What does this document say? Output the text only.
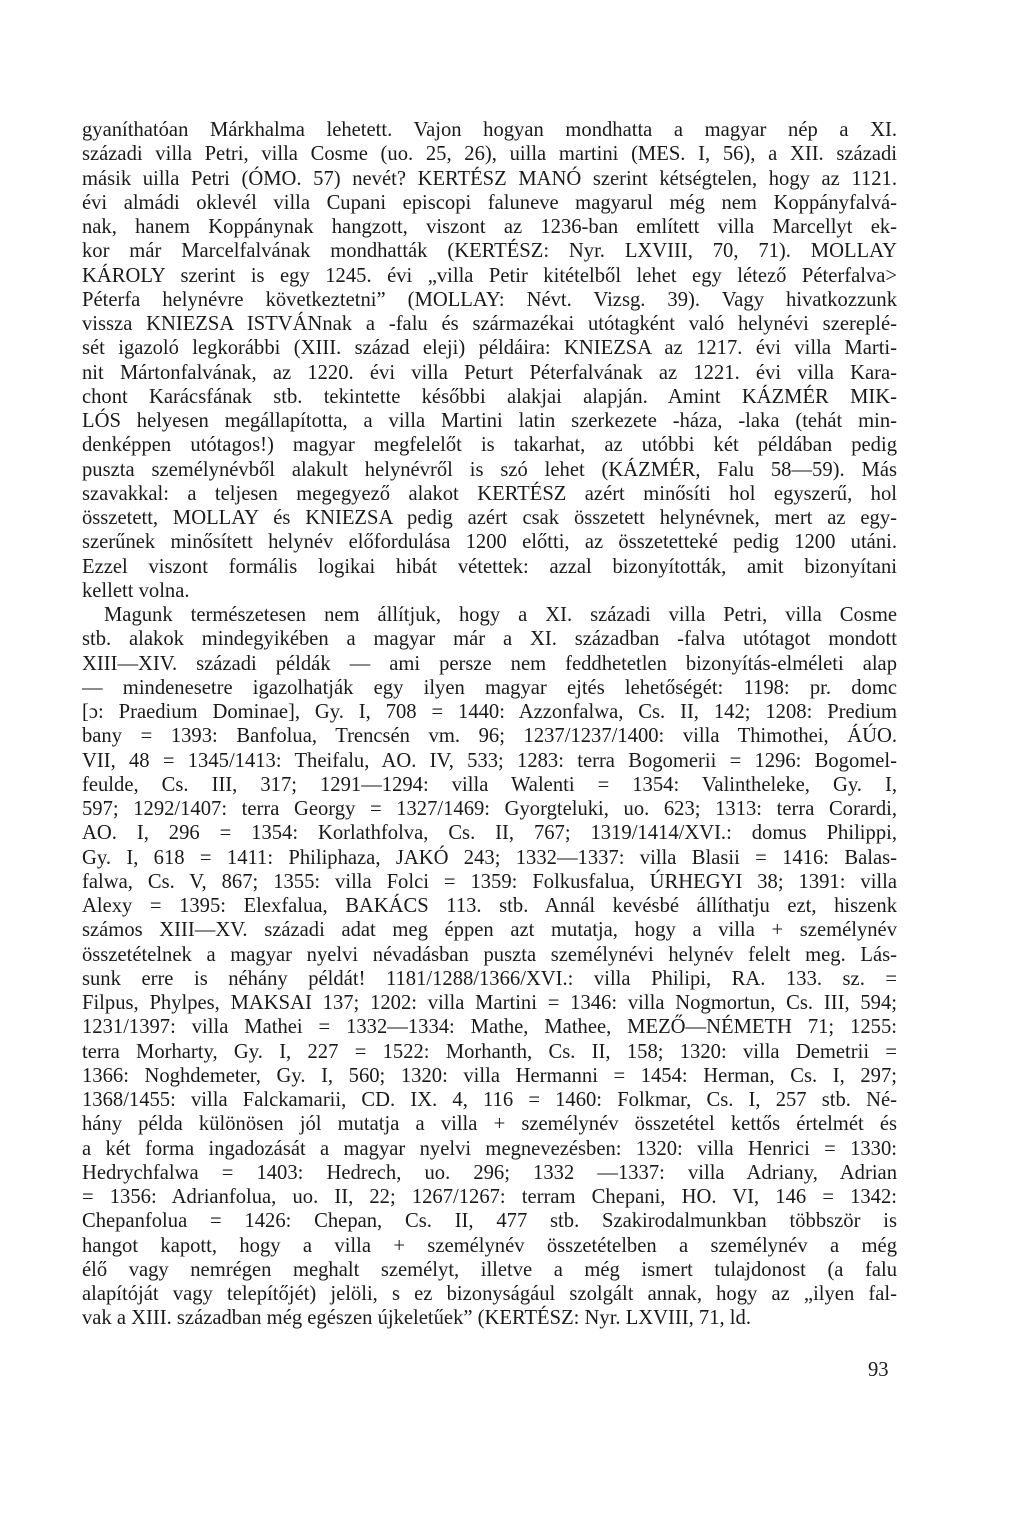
gyaníthatóan Márkhalma lehetett. Vajon hogyan mondhatta a magyar nép a XI.
századi villa Petri, villa Cosme (uo. 25, 26), uilla martini (MES. I, 56), a XII. századi
másik uilla Petri (ÓMO. 57) nevét? KERTÉSZ MANÓ szerint kétségtelen, hogy az 1121.
évi almádi oklevél villa Cupani episcopi faluneve magyarul még nem Koppányfalvá-
nak, hanem Koppánynak hangzott, viszont az 1236-ban említett villa Marcellyt ek-
kor már Marcelfalvának mondhatták (KERTÉSZ: Nyr. LXVIII, 70, 71). MOLLAY
KÁROLY szerint is egy 1245. évi „villa Petir kitételből lehet egy létező Péterfalva>
Péterfa helynévre következtetni” (MOLLAY: Névt. Vizsg. 39). Vagy hivatkozzunk
vissza KNIEZSA ISTVÁNnak a -falu és származékai utótagként való helynévi szereplé-
sét igazoló legkorábbi (XIII. század eleji) példáira: KNIEZSA az 1217. évi villa Marti-
nit Mártonfalvának, az 1220. évi villa Peturt Péterfalvának az 1221. évi villa Kara-
chont Karácsfának stb. tekintette későbbi alakjai alapján. Amint KÁZMÉR MIK-
LÓS helyesen megállapította, a villa Martini latin szerkezete -háza, -laka (tehát min-
denképpen utótagos!) magyar megfelelőt is takarhat, az utóbbi két példában pedig
puszta személynévből alakult helynévről is szó lehet (KÁZMÉR, Falu 58—59). Más
szavakkal: a teljesen megegyező alakot KERTÉSZ azért minősíti hol egyszerű, hol
összetett, MOLLAY és KNIEZSA pedig azért csak összetett helynévnek, mert az egy-
szerűnek minősített helynév előfordulása 1200 előtti, az összetetteké pedig 1200 utáni.
Ezzel viszont formális logikai hibát vétettek: azzal bizonyították, amit bizonyítani
kellett volna.
Magunk természetesen nem állítjuk, hogy a XI. századi villa Petri, villa Cosme
stb. alakok mindegyikében a magyar már a XI. században -falva utótagot mondott
XIII—XIV. századi példák — ami persze nem feddhetetlen bizonyítás-elméleti alap
— mindenesetre igazolhatják egy ilyen magyar ejtés lehetőségét: 1198: pr. domc
[ɔ: Praedium Dominae], Gy. I, 708 = 1440: Azzonfalwa, Cs. II, 142; 1208: Predium
bany = 1393: Banfolua, Trencsén vm. 96; 1237/1237/1400: villa Thimothei, ÁÚO.
VII, 48 = 1345/1413: Theifalu, AO. IV, 533; 1283: terra Bogomerii = 1296: Bogomel-
feulde, Cs. III, 317; 1291—1294: villa Walenti = 1354: Valintheleke, Gy. I,
597; 1292/1407: terra Georgy = 1327/1469: Gyorgteluki, uo. 623; 1313: terra Corardi,
AO. I, 296 = 1354: Korlathfolva, Cs. II, 767; 1319/1414/XVI.: domus Philippi,
Gy. I, 618 = 1411: Philiphaza, JAKÓ 243; 1332—1337: villa Blasii = 1416: Balas-
falwa, Cs. V, 867; 1355: villa Folci = 1359: Folkusfalua, ÚRHEGYI 38; 1391: villa
Alexy = 1395: Elexfalua, BAKÁCS 113. stb. Annál kevésbé állíthatju ezt, hiszenk
számos XIII—XV. századi adat meg éppen azt mutatja, hogy a villa + személynév
összetételnek a magyar nyelvi névadásban puszta személynévi helynév felelt meg. Lás-
sunk erre is néhány példát! 1181/1288/1366/XVI.: villa Philipi, RA. 133. sz. =
Filpus, Phylpes, MAKSAI 137; 1202: villa Martini = 1346: villa Nogmortun, Cs. III, 594;
1231/1397: villa Mathei = 1332—1334: Mathe, Mathee, MEZŐ—NÉMETH 71; 1255:
terra Morharty, Gy. I, 227 = 1522: Morhanth, Cs. II, 158; 1320: villa Demetrii =
1366: Noghdemeter, Gy. I, 560; 1320: villa Hermanni = 1454: Herman, Cs. I, 297;
1368/1455: villa Falckamarii, CD. IX. 4, 116 = 1460: Folkmar, Cs. I, 257 stb. Né-
hány példa különösen jól mutatja a villa + személynév összetétel kettős értelmét és
a két forma ingadozását a magyar nyelvi megnevezésben: 1320: villa Henrici = 1330:
Hedrychfalwa = 1403: Hedrech, uo. 296; 1332 —1337: villa Adriany, Adrian
= 1356: Adrianfolua, uo. II, 22; 1267/1267: terram Chepani, HO. VI, 146 = 1342:
Chepanfolua = 1426: Chepan, Cs. II, 477 stb. Szakirodalmunkban többször is
hangot kapott, hogy a villa + személynév összetételben a személynév a még
élő vagy nemrégen meghalt személyt, illetve a még ismert tulajdonost (a falu
alapítóját vagy telepítőjét) jelöli, s ez bizonyságául szolgált annak, hogy az „ilyen fal-
vak a XIII. században még egészen újkeletűek” (KERTÉSZ: Nyr. LXVIII, 71, ld.
93
